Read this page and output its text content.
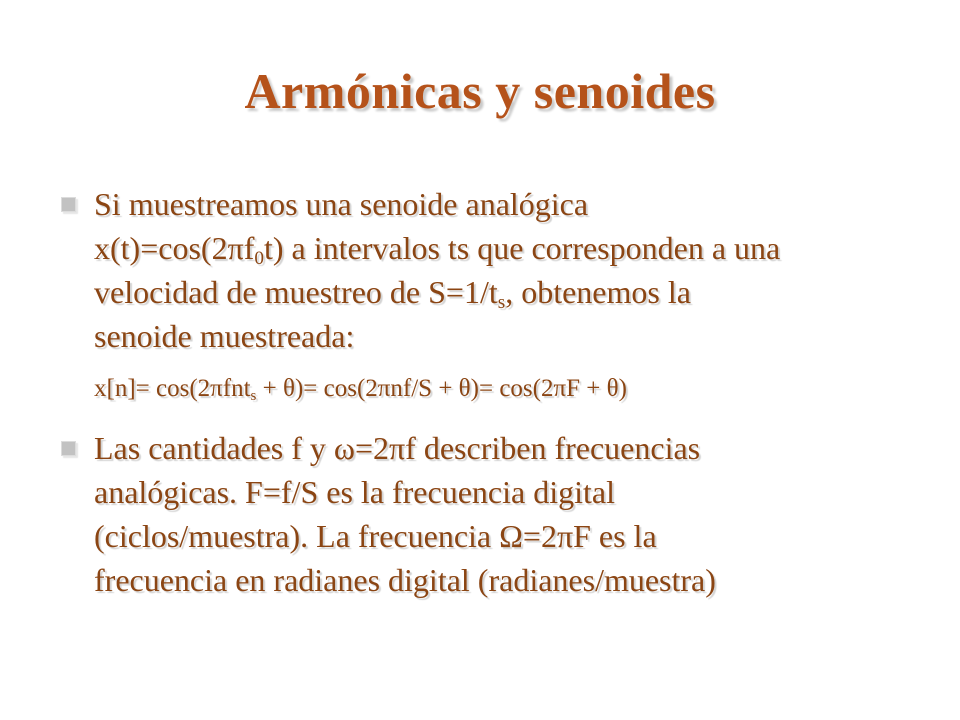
Armónicas y senoides
Si muestreamos una senoide analógica
$x(t)=\cos(2\pi f_0t)$ a intervalos ts que corresponden a una
velocidad de muestreo de $S=1/t_s$, obtenemos la
senoide muestreada:
x[n]= cos(2πfnt$_s$ + θ)= cos(2πnf/S + θ)= cos(2πF + θ)
Las cantidades f y ω=2πf describen frecuencias
analógicas. F=f/S es la frecuencia digital
(ciclos/muestra). La frecuencia Ω=2πF es la
frecuencia en radianes digital (radianes/muestra)
